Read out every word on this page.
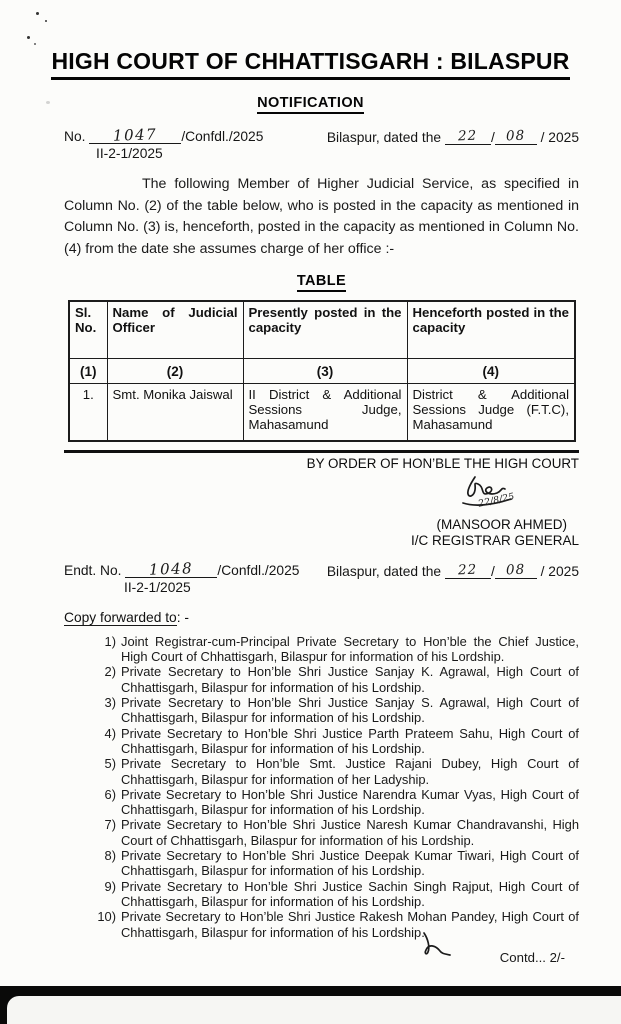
HIGH COURT OF CHHATTISGARH : BILASPUR
NOTIFICATION
No. 1047 /Confdl./2025
II-2-1/2025
Bilaspur, dated the 22 / 08 / 2025

The following Member of Higher Judicial Service, as specified in Column No. (2) of the table below, who is posted in the capacity as mentioned in Column No. (3) is, henceforth, posted in the capacity as mentioned in Column No. (4) from the date she assumes charge of her office :-

TABLE
Sl. No.	Name of Judicial Officer	Presently posted in the capacity	Henceforth posted in the capacity
(1)	(2)	(3)	(4)
1.	Smt. Monika Jaiswal	II District & Additional Sessions Judge, Mahasamund	District & Additional Sessions Judge (F.T.C), Mahasamund
BY ORDER OF HON’BLE THE HIGH COURT
22/8/25
(MANSOOR AHMED)
I/C REGISTRAR GENERAL
Endt. No. 1048 /Confdl./2025
II-2-1/2025
Bilaspur, dated the 22 / 08 / 2025
Copy forwarded to: -
1) Joint Registrar-cum-Principal Private Secretary to Hon’ble the Chief Justice, High Court of Chhattisgarh, Bilaspur for information of his Lordship.
2) Private Secretary to Hon’ble Shri Justice Sanjay K. Agrawal, High Court of Chhattisgarh, Bilaspur for information of his Lordship.
3) Private Secretary to Hon’ble Shri Justice Sanjay S. Agrawal, High Court of Chhattisgarh, Bilaspur for information of his Lordship.
4) Private Secretary to Hon’ble Shri Justice Parth Prateem Sahu, High Court of Chhattisgarh, Bilaspur for information of his Lordship.
5) Private Secretary to Hon’ble Smt. Justice Rajani Dubey, High Court of Chhattisgarh, Bilaspur for information of her Ladyship.
6) Private Secretary to Hon’ble Shri Justice Narendra Kumar Vyas, High Court of Chhattisgarh, Bilaspur for information of his Lordship.
7) Private Secretary to Hon’ble Shri Justice Naresh Kumar Chandravanshi, High Court of Chhattisgarh, Bilaspur for information of his Lordship.
8) Private Secretary to Hon’ble Shri Justice Deepak Kumar Tiwari, High Court of Chhattisgarh, Bilaspur for information of his Lordship.
9) Private Secretary to Hon’ble Shri Justice Sachin Singh Rajput, High Court of Chhattisgarh, Bilaspur for information of his Lordship.
10) Private Secretary to Hon’ble Shri Justice Rakesh Mohan Pandey, High Court of Chhattisgarh, Bilaspur for information of his Lordship.
Contd... 2/-
